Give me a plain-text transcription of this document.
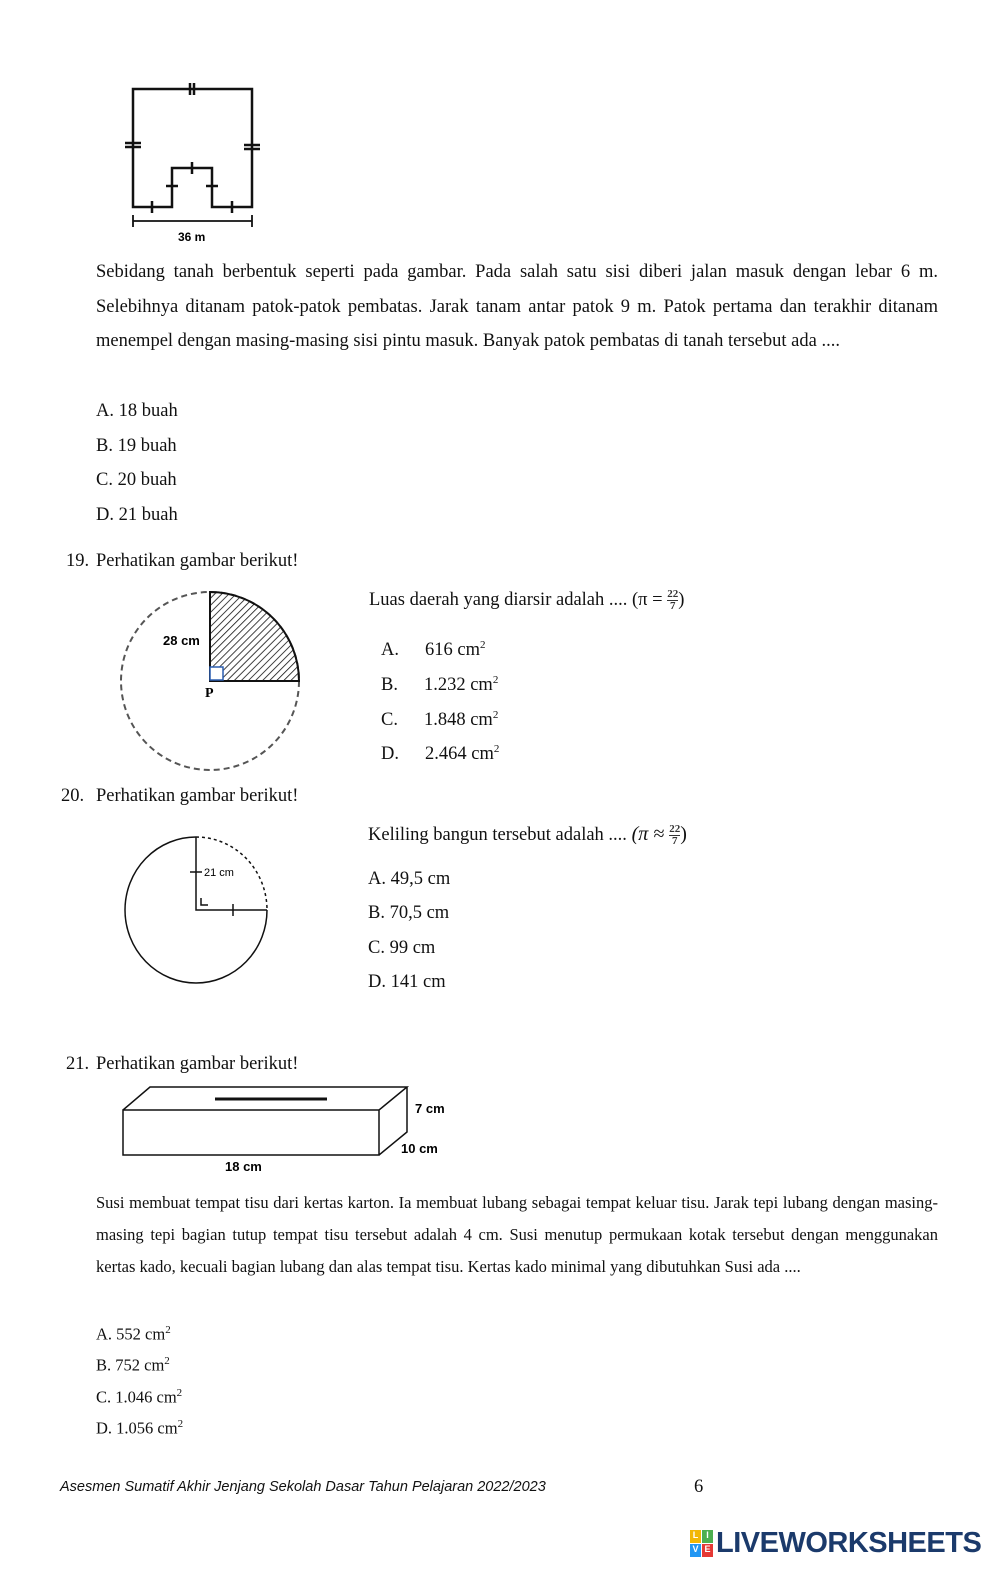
36 m
Sebidang tanah berbentuk seperti pada gambar. Pada salah satu sisi diberi jalan masuk dengan lebar 6 m. Selebihnya ditanam patok-patok pembatas. Jarak tanam antar patok 9 m. Patok pertama dan terakhir ditanam menempel dengan masing-masing sisi pintu masuk. Banyak patok pembatas di tanah tersebut ada ....
A. 18 buah
B. 19 buah
C. 20 buah
D. 21 buah
19. Perhatikan gambar berikut!
28 cm
P
Luas daerah yang diarsir adalah .... ($\pi = \frac{22}{7}$ )
A. 616 $cm^2$
B. 1.232 $cm^2$
C. 1.848 $cm^2$
D. 2.464 $cm^2$
20. Perhatikan gambar berikut!
21 cm
Keliling bangun tersebut adalah .... ($\pi \approx \frac{22}{7}$ )
A. 49,5 cm
B. 70,5 cm
C. 99 cm
D. 141 cm
21. Perhatikan gambar berikut!
7 cm
10 cm
18 cm
Susi membuat tempat tisu dari kertas karton. Ia membuat lubang sebagai tempat keluar tisu. Jarak tepi lubang dengan masing-masing tepi bagian tutup tempat tisu tersebut adalah 4 cm. Susi menutup permukaan kotak tersebut dengan menggunakan kertas kado, kecuali bagian lubang dan alas tempat tisu. Kertas kado minimal yang dibutuhkan Susi ada ....
A. 552 $cm^2$
B. 752 $cm^2$
C. 1.046 $cm^2$
D. 1.056 $cm^2$
Asesmen Sumatif Akhir Jenjang Sekolah Dasar Tahun Pelajaran 2022/2023	6
L I
V E LIVEWORKSHEETS
